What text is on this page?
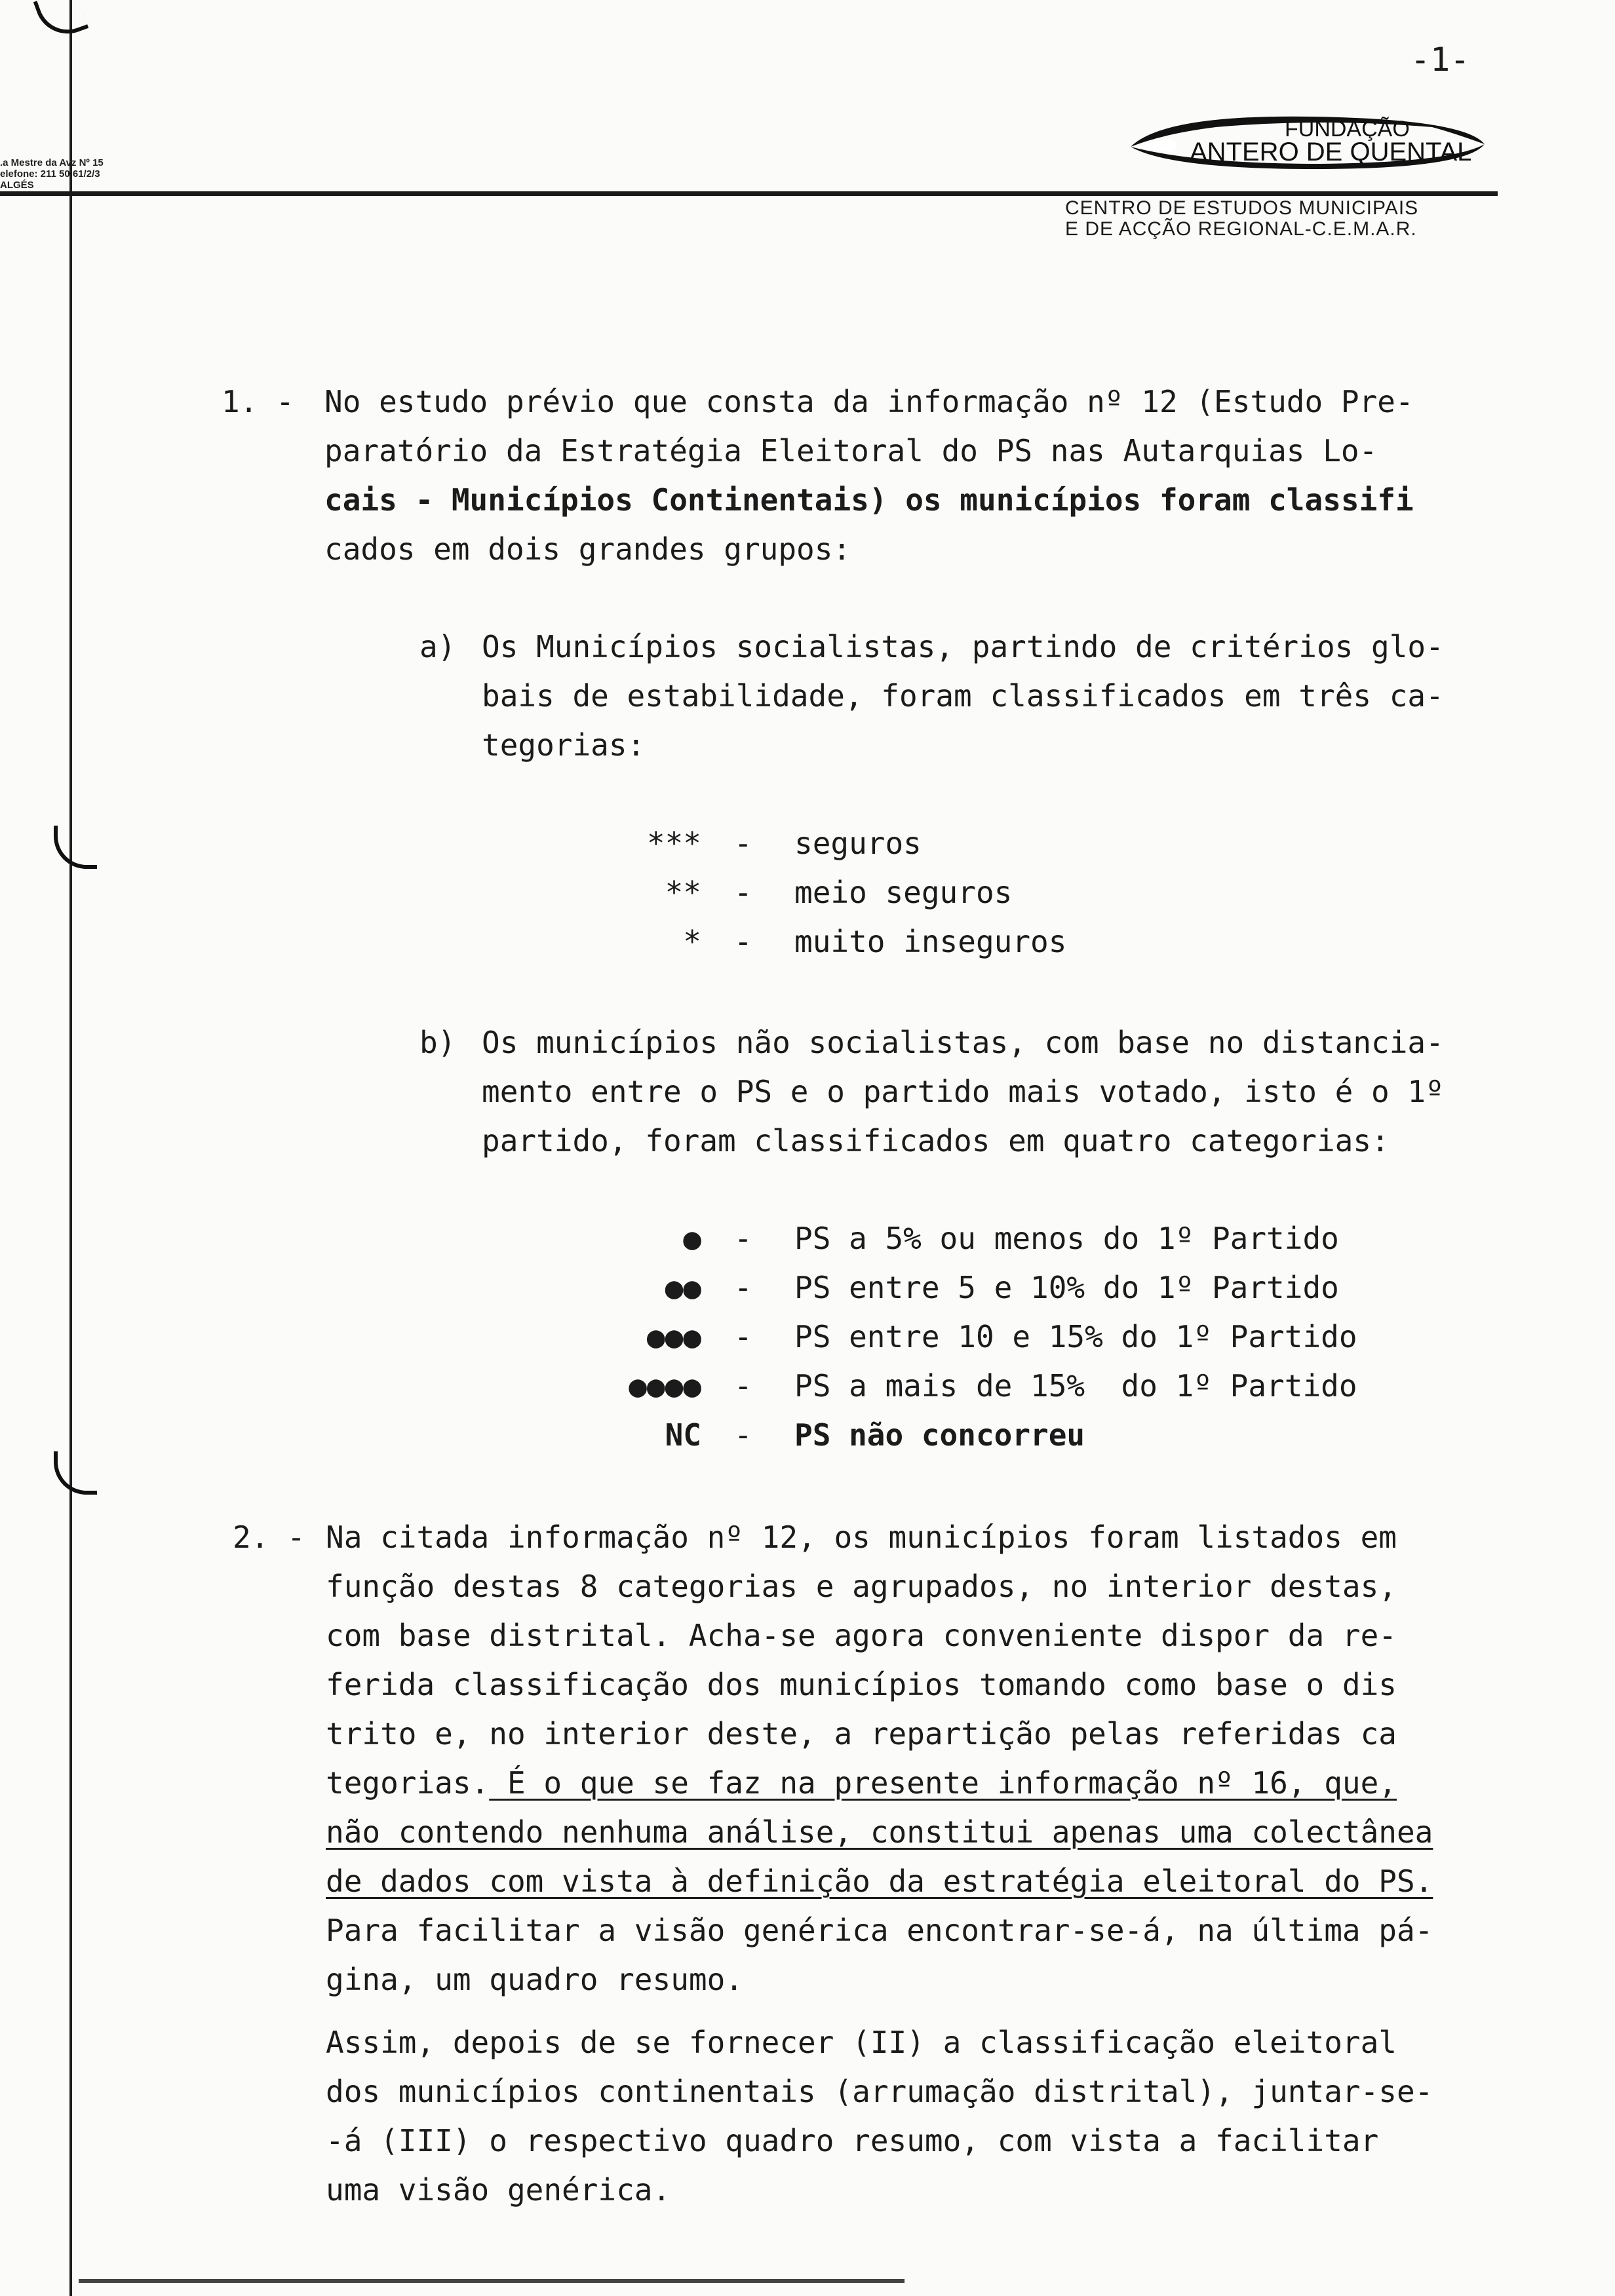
-1-
.a Mestre da Avz Nº 15
elefone: 211 50 61/2/3
ALGÉS
FUNDAÇÃO
ANTERO DE QUENTAL
CENTRO DE ESTUDOS MUNICIPAIS
E DE ACÇÃO REGIONAL-C.E.M.A.R.
1. - No estudo prévio que consta da informação nº 12 (Estudo Pre-
paratório da Estratégia Eleitoral do PS nas Autarquias Lo-
cais - Municípios Continentais) os municípios foram classifi
cados em dois grandes grupos:
a) Os Municípios socialistas, partindo de critérios glo-
bais de estabilidade, foram classificados em três ca-
tegorias:
*** - seguros
** - meio seguros
* - muito inseguros
b) Os municípios não socialistas, com base no distancia-
mento entre o PS e o partido mais votado, isto é o 1º
partido, foram classificados em quatro categorias:
● - PS a 5% ou menos do 1º Partido
●● - PS entre 5 e 10% do 1º Partido
●●● - PS entre 10 e 15% do 1º Partido
●●●● - PS a mais de 15%  do 1º Partido
NC - PS não concorreu
2. - Na citada informação nº 12, os municípios foram listados em
função destas 8 categorias e agrupados, no interior destas,
com base distrital. Acha-se agora conveniente dispor da re-
ferida classificação dos municípios tomando como base o dis
trito e, no interior deste, a repartição pelas referidas ca
tegorias. É o que se faz na presente informação nº 16, que,
não contendo nenhuma análise, constitui apenas uma colectânea
de dados com vista à definição da estratégia eleitoral do PS.
Para facilitar a visão genérica encontrar-se-á, na última pá-
gina, um quadro resumo.
Assim, depois de se fornecer (II) a classificação eleitoral
dos municípios continentais (arrumação distrital), juntar-se-
-á (III) o respectivo quadro resumo, com vista a facilitar
uma visão genérica.
